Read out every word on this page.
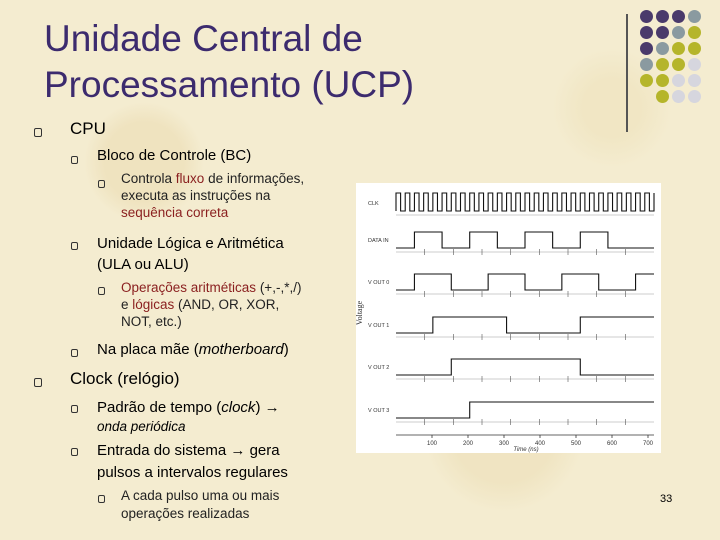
Unidade Central de
Processamento (UCP)
CPU
Bloco de Controle (BC)
Controla fluxo de informações,
executa as instruções na
sequência correta
Unidade Lógica e Aritmética
(ULA ou ALU)
Operações aritméticas (+,-,*,/)
e lógicas (AND, OR, XOR,
NOT, etc.)
Na placa mãe (motherboard)
Clock (relógio)
Padrão de tempo (clock) →
onda periódica
Entrada do sistema → gera
pulsos a intervalos regulares
A cada pulso uma ou mais
operações realizadas
CLK
DATA IN
V OUT 0
V OUT 1
V OUT 2
V OUT 3
Voltage
100	200	300	400	500	600	700
Time (ns)
33
